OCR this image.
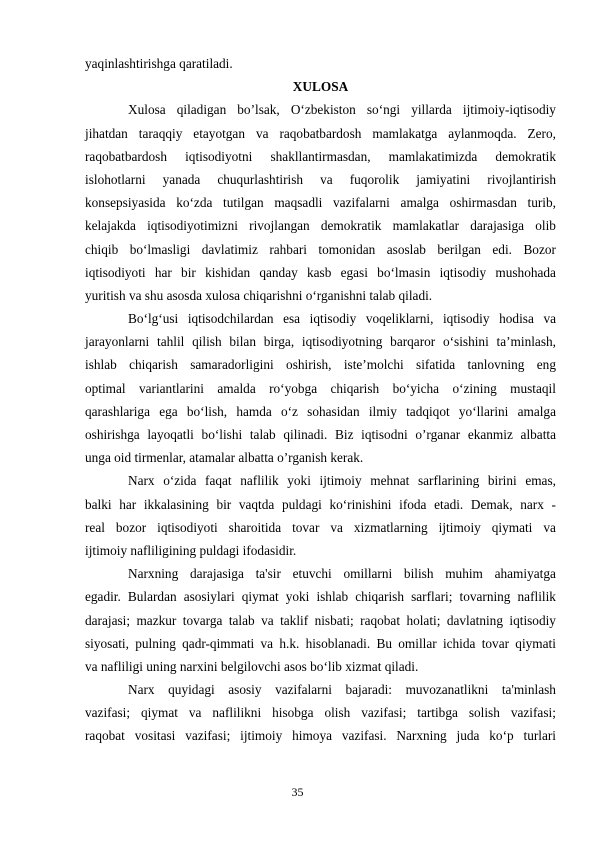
yaqinlashtirishga qaratiladi.
XULOSA
Xulosa qiladigan bo’lsak, O‘zbekiston so‘ngi yillarda ijtimoiy-iqtisodiy
jihatdan taraqqiy etayotgan va raqobatbardosh mamlakatga aylanmoqda. Zero,
raqobatbardosh iqtisodiyotni shakllantirmasdan, mamlakatimizda demokratik
islohotlarni yanada chuqurlashtirish va fuqorolik jamiyatini rivojlantirish
konsepsiyasida ko‘zda tutilgan maqsadli vazifalarni amalga oshirmasdan turib,
kelajakda iqtisodiyotimizni rivojlangan demokratik mamlakatlar darajasiga olib
chiqib bo‘lmasligi davlatimiz rahbari tomonidan asoslab berilgan edi. Bozor
iqtisodiyoti har bir kishidan qanday kasb egasi bo‘lmasin iqtisodiy mushohada
yuritish va shu asosda xulosa chiqarishni o‘rganishni talab qiladi.
Bo‘lg‘usi iqtisodchilardan esa iqtisodiy voqeliklarni, iqtisodiy hodisa va
jarayonlarni tahlil qilish bilan birga, iqtisodiyotning barqaror o‘sishini ta’minlash,
ishlab chiqarish samaradorligini oshirish, iste’molchi sifatida tanlovning eng
optimal variantlarini amalda ro‘yobga chiqarish bo‘yicha o‘zining mustaqil
qarashlariga ega bo‘lish, hamda o‘z sohasidan ilmiy tadqiqot yo‘llarini amalga
oshirishga layoqatli bo‘lishi talab qilinadi. Biz iqtisodni o’rganar ekanmiz albatta
unga oid tirmenlar, atamalar albatta o’rganish kerak.
Narx o‘zida faqat naflilik yoki ijtimoiy mehnat sarflarining birini emas,
balki har ikkalasining bir vaqtda puldagi ko‘rinishini ifoda etadi. Demak, narx -
real bozor iqtisodiyoti sharoitida tovar va xizmatlarning ijtimoiy qiymati va
ijtimoiy nafliligining puldagi ifodasidir.
Narxning darajasiga ta'sir etuvchi omillarni bilish muhim ahamiyatga
egadir. Bulardan asosiylari qiymat yoki ishlab chiqarish sarflari; tovarning naflilik
darajasi; mazkur tovarga talab va taklif nisbati; raqobat holati; davlatning iqtisodiy
siyosati, pulning qadr-qimmati va h.k. hisoblanadi. Bu omillar ichida tovar qiymati
va nafliligi uning narxini belgilovchi asos bo‘lib xizmat qiladi.
Narx quyidagi asosiy vazifalarni bajaradi: muvozanatlikni ta'minlash
vazifasi; qiymat va naflilikni hisobga olish vazifasi; tartibga solish vazifasi;
raqobat vositasi vazifasi; ijtimoiy himoya vazifasi. Narxning juda ko‘p turlari
35
